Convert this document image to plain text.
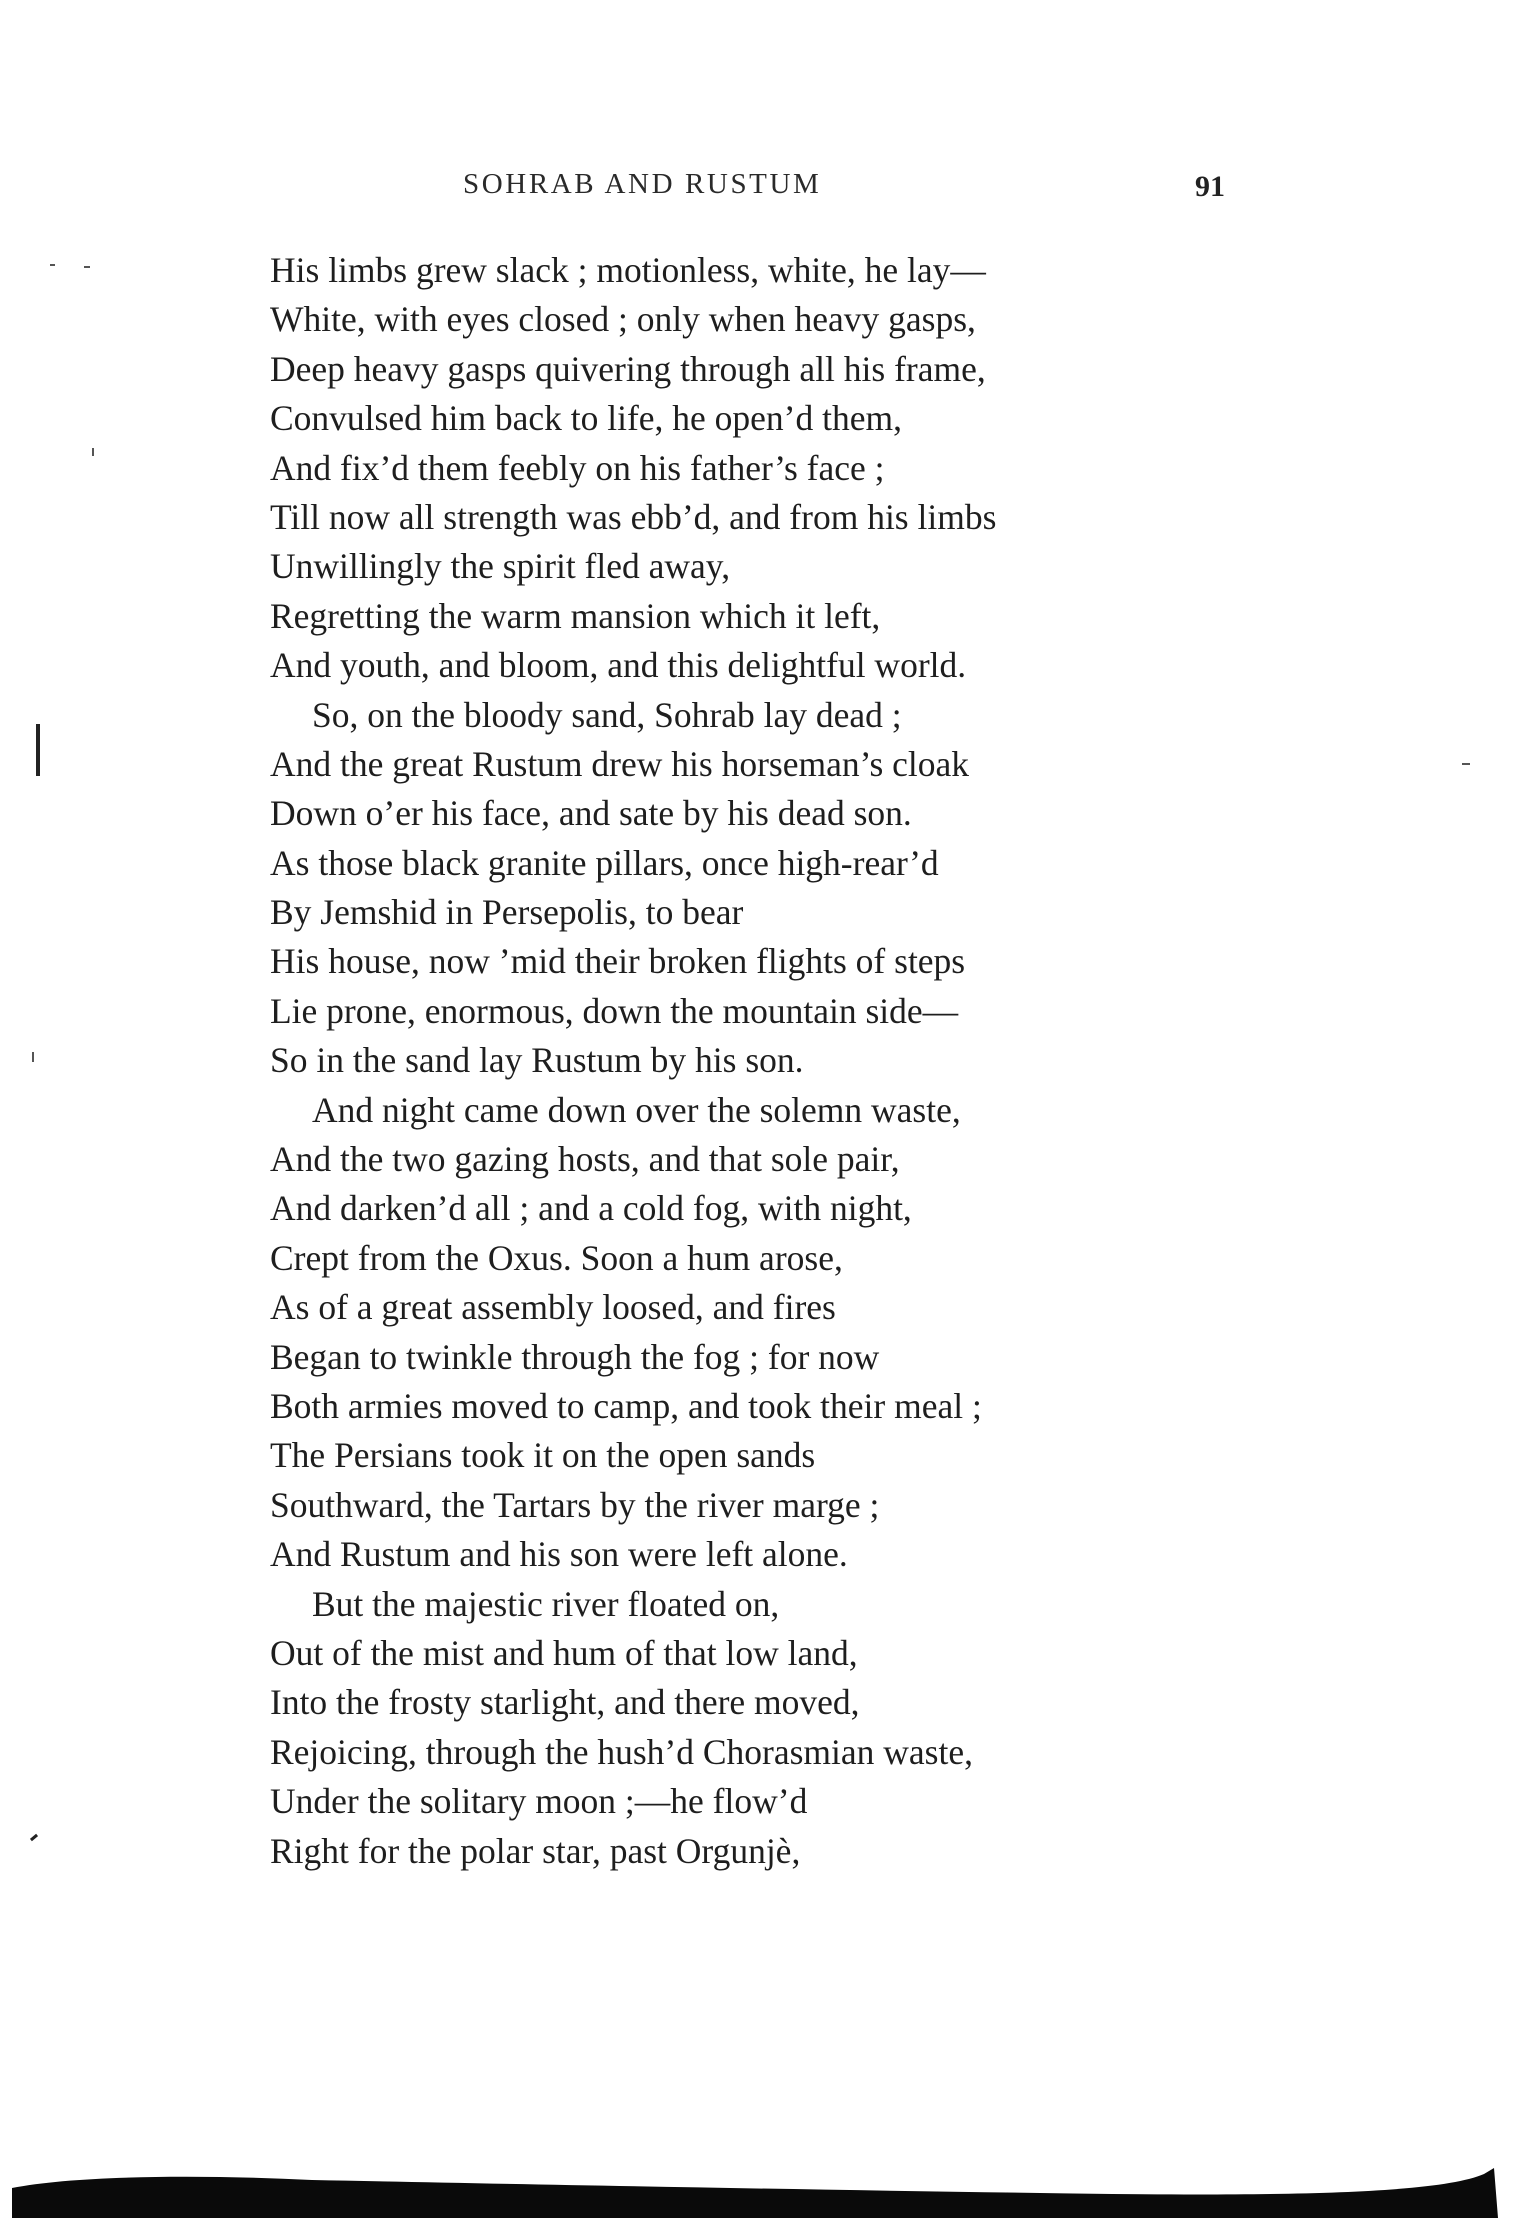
SOHRAB AND RUSTUM	91
His limbs grew slack ; motionless, white, he lay—
White, with eyes closed ; only when heavy gasps,
Deep heavy gasps quivering through all his frame,
Convulsed him back to life, he open’d them,
And fix’d them feebly on his father’s face ;
Till now all strength was ebb’d, and from his limbs
Unwillingly the spirit fled away,
Regretting the warm mansion which it left,
And youth, and bloom, and this delightful world.
So, on the bloody sand, Sohrab lay dead ;
And the great Rustum drew his horseman’s cloak
Down o’er his face, and sate by his dead son.
As those black granite pillars, once high-rear’d
By Jemshid in Persepolis, to bear
His house, now ’mid their broken flights of steps
Lie prone, enormous, down the mountain side—
So in the sand lay Rustum by his son.
And night came down over the solemn waste,
And the two gazing hosts, and that sole pair,
And darken’d all ; and a cold fog, with night,
Crept from the Oxus. Soon a hum arose,
As of a great assembly loosed, and fires
Began to twinkle through the fog ; for now
Both armies moved to camp, and took their meal ;
The Persians took it on the open sands
Southward, the Tartars by the river marge ;
And Rustum and his son were left alone.
But the majestic river floated on,
Out of the mist and hum of that low land,
Into the frosty starlight, and there moved,
Rejoicing, through the hush’d Chorasmian waste,
Under the solitary moon ;—he flow’d
Right for the polar star, past Orgunjè,
